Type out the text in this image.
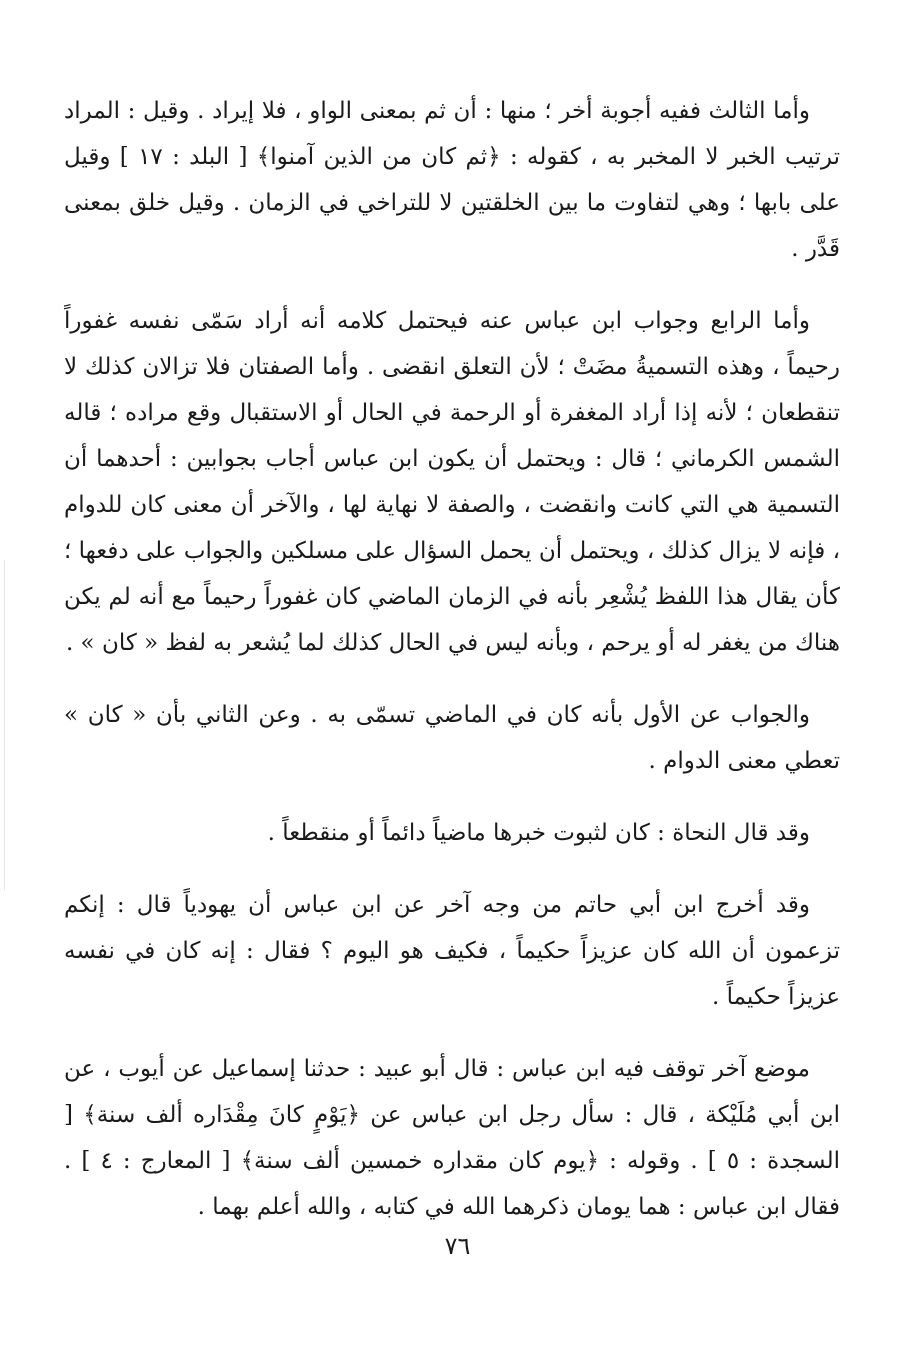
وأما الثالث ففيه أجوبة أخر ؛ منها : أن ثم بمعنى الواو ، فلا إيراد . وقيل : المراد ترتيب الخبر لا المخبر به ، كقوله : ﴿ثم كان من الذين آمنوا﴾ [ البلد : ١٧ ] وقيل على بابها ؛ وهي لتفاوت ما بين الخلقتين لا للتراخي في الزمان . وقيل خلق بمعنى قَدَّر .

وأما الرابع وجواب ابن عباس عنه فيحتمل كلامه أنه أراد سَمّى نفسه غفوراً رحيماً ، وهذه التسميةُ مضَتْ ؛ لأن التعلق انقضى . وأما الصفتان فلا تزالان كذلك لا تنقطعان ؛ لأنه إذا أراد المغفرة أو الرحمة في الحال أو الاستقبال وقع مراده ؛ قاله الشمس الكرماني ؛ قال : ويحتمل أن يكون ابن عباس أجاب بجوابين : أحدهما أن التسمية هي التي كانت وانقضت ، والصفة لا نهاية لها ، والآخر أن معنى كان للدوام ، فإنه لا يزال كذلك ، ويحتمل أن يحمل السؤال على مسلكين والجواب على دفعها ؛ كأن يقال هذا اللفظ يُشْعِر بأنه في الزمان الماضي كان غفوراً رحيماً مع أنه لم يكن هناك من يغفر له أو يرحم ، وبأنه ليس في الحال كذلك لما يُشعر به لفظ « كان » .

والجواب عن الأول بأنه كان في الماضي تسمّى به . وعن الثاني بأن « كان » تعطي معنى الدوام .

وقد قال النحاة : كان لثبوت خبرها ماضياً دائماً أو منقطعاً .

وقد أخرج ابن أبي حاتم من وجه آخر عن ابن عباس أن يهودياً قال : إنكم تزعمون أن الله كان عزيزاً حكيماً ، فكيف هو اليوم ؟ فقال : إنه كان في نفسه عزيزاً حكيماً .

موضع آخر توقف فيه ابن عباس : قال أبو عبيد : حدثنا إسماعيل عن أيوب ، عن ابن أبي مُلَيْكة ، قال : سأل رجل ابن عباس عن ﴿يَوْمٍ كانَ مِقْدَاره ألف سنة﴾ [ السجدة : ٥ ] . وقوله : ﴿يوم كان مقداره خمسين ألف سنة﴾ [ المعارج : ٤ ] . فقال ابن عباس : هما يومان ذكرهما الله في كتابه ، والله أعلم بهما .

٧٦
